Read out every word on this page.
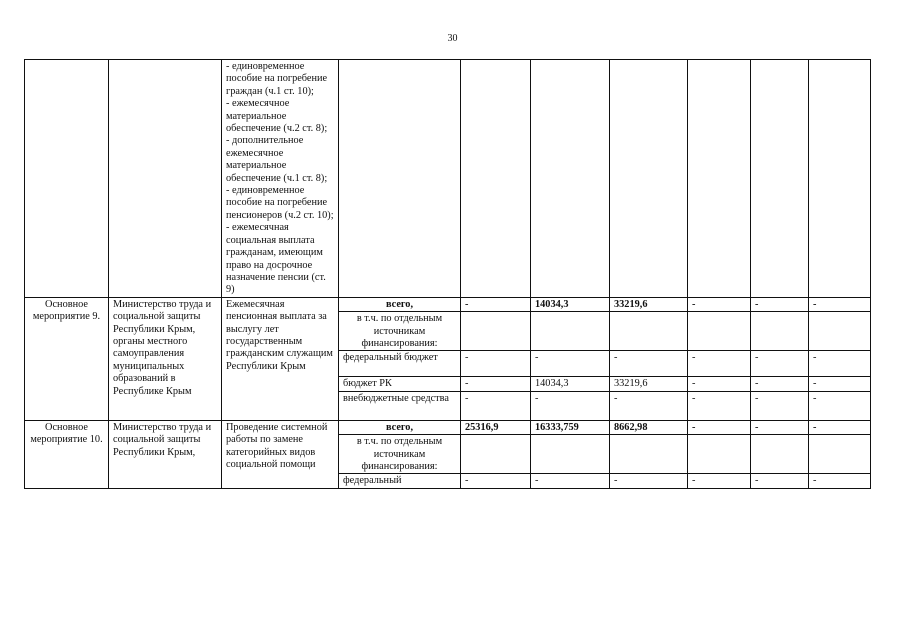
30

		- единовременное пособие на погребение граждан (ч.1 ст. 10);
- ежемесячное материальное обеспечение (ч.2 ст. 8);
- дополнительное ежемесячное материальное обеспечение (ч.1 ст. 8);
- единовременное пособие на погребение пенсионеров (ч.2 ст. 10);
- ежемесячная социальная выплата гражданам, имеющим право на досрочное назначение пенсии (ст. 9)							

Основное мероприятие 9.	Министерство труда и социальной защиты Республики Крым, органы местного самоуправления муниципальных образований в Республике Крым	Ежемесячная пенсионная выплата за выслугу лет государственным гражданским служащим Республики Крым	всего,	-	14034,3	33219,6	-	-	-
			в т.ч. по отдельным источникам финансирования:						
			федеральный бюджет	-	-	-	-	-	-
			бюджет РК	-	14034,3	33219,6	-	-	-
			внебюджетные средства	-	-	-	-	-	-
Основное мероприятие 10.	Министерство труда и социальной защиты Республики Крым,	Проведение системной работы по замене категорийных видов социальной помощи	всего,	25316,9	16333,759	8662,98	-	-	-
			в т.ч. по отдельным источникам финансирования:						
			федеральный	-	-	-	-	-	-
